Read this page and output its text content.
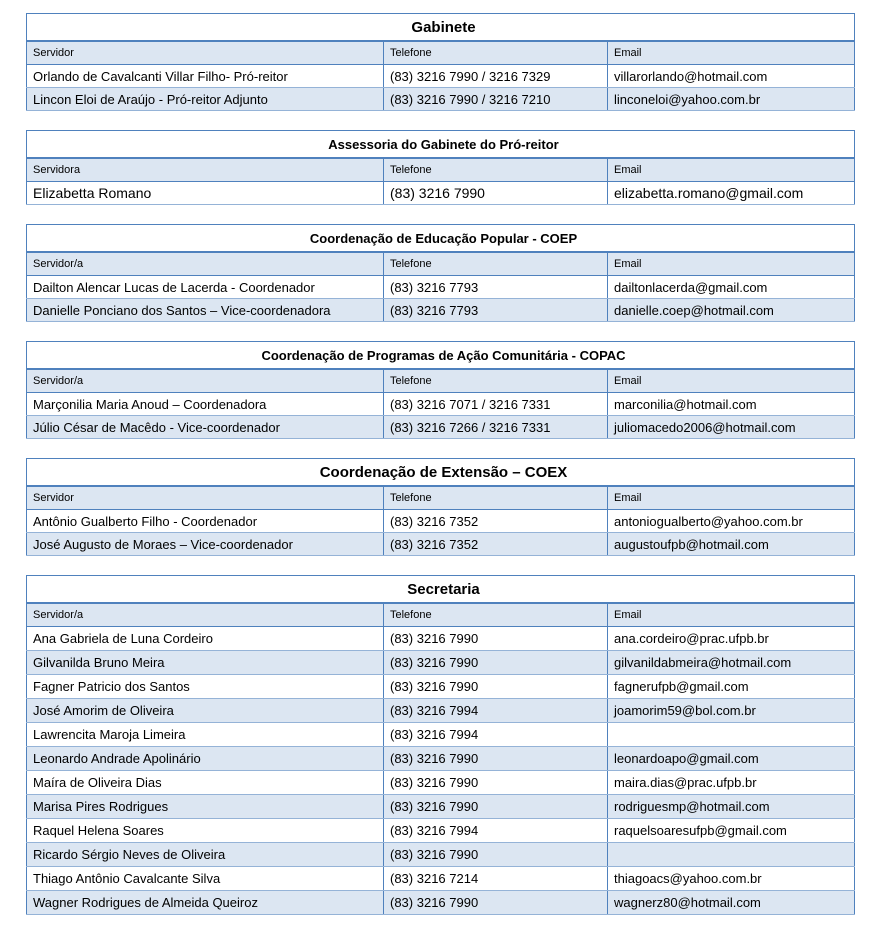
Gabinete		
Servidor	Telefone	Email
Orlando de Cavalcanti Villar Filho- Pró-reitor	(83) 3216 7990 / 3216 7329	villarorlando@hotmail.com
Lincon Eloi de Araújo - Pró-reitor Adjunto	(83) 3216 7990 / 3216 7210	linconeloi@yahoo.com.br
Assessoria do Gabinete do Pró-reitor		
Servidora	Telefone	Email
Elizabetta Romano	(83) 3216 7990	elizabetta.romano@gmail.com
Coordenação de Educação Popular - COEP		
Servidor/a	Telefone	Email
Dailton Alencar Lucas de Lacerda - Coordenador	(83) 3216 7793	dailtonlacerda@gmail.com
Danielle Ponciano dos Santos – Vice-coordenadora	(83) 3216 7793	danielle.coep@hotmail.com
Coordenação de Programas de Ação Comunitária - COPAC		
Servidor/a	Telefone	Email
Marçonilia Maria Anoud – Coordenadora	(83) 3216 7071 / 3216 7331	marconilia@hotmail.com
Júlio César de Macêdo - Vice-coordenador	(83) 3216 7266 / 3216 7331	juliomacedo2006@hotmail.com
Coordenação de Extensão – COEX		
Servidor	Telefone	Email
Antônio Gualberto Filho - Coordenador	(83) 3216 7352	antoniogualberto@yahoo.com.br
José Augusto de Moraes – Vice-coordenador	(83) 3216 7352	augustoufpb@hotmail.com
Secretaria		
Servidor/a	Telefone	Email
Ana Gabriela de Luna Cordeiro	(83) 3216 7990	ana.cordeiro@prac.ufpb.br
Gilvanilda Bruno Meira	(83) 3216 7990	gilvanildabmeira@hotmail.com
Fagner Patricio dos Santos	(83) 3216 7990	fagnerufpb@gmail.com
José Amorim de Oliveira	(83) 3216 7994	joamorim59@bol.com.br
Lawrencita Maroja Limeira	(83) 3216 7994	
Leonardo Andrade Apolinário	(83) 3216 7990	leonardoapo@gmail.com
Maíra de Oliveira Dias	(83) 3216 7990	maira.dias@prac.ufpb.br
Marisa Pires Rodrigues	(83) 3216 7990	rodriguesmp@hotmail.com
Raquel Helena Soares	(83) 3216 7994	raquelsoaresufpb@gmail.com
Ricardo Sérgio Neves de Oliveira	(83) 3216 7990	
Thiago Antônio Cavalcante Silva	(83) 3216 7214	thiagoacs@yahoo.com.br
Wagner Rodrigues de Almeida Queiroz	(83) 3216 7990	wagnerz80@hotmail.com
